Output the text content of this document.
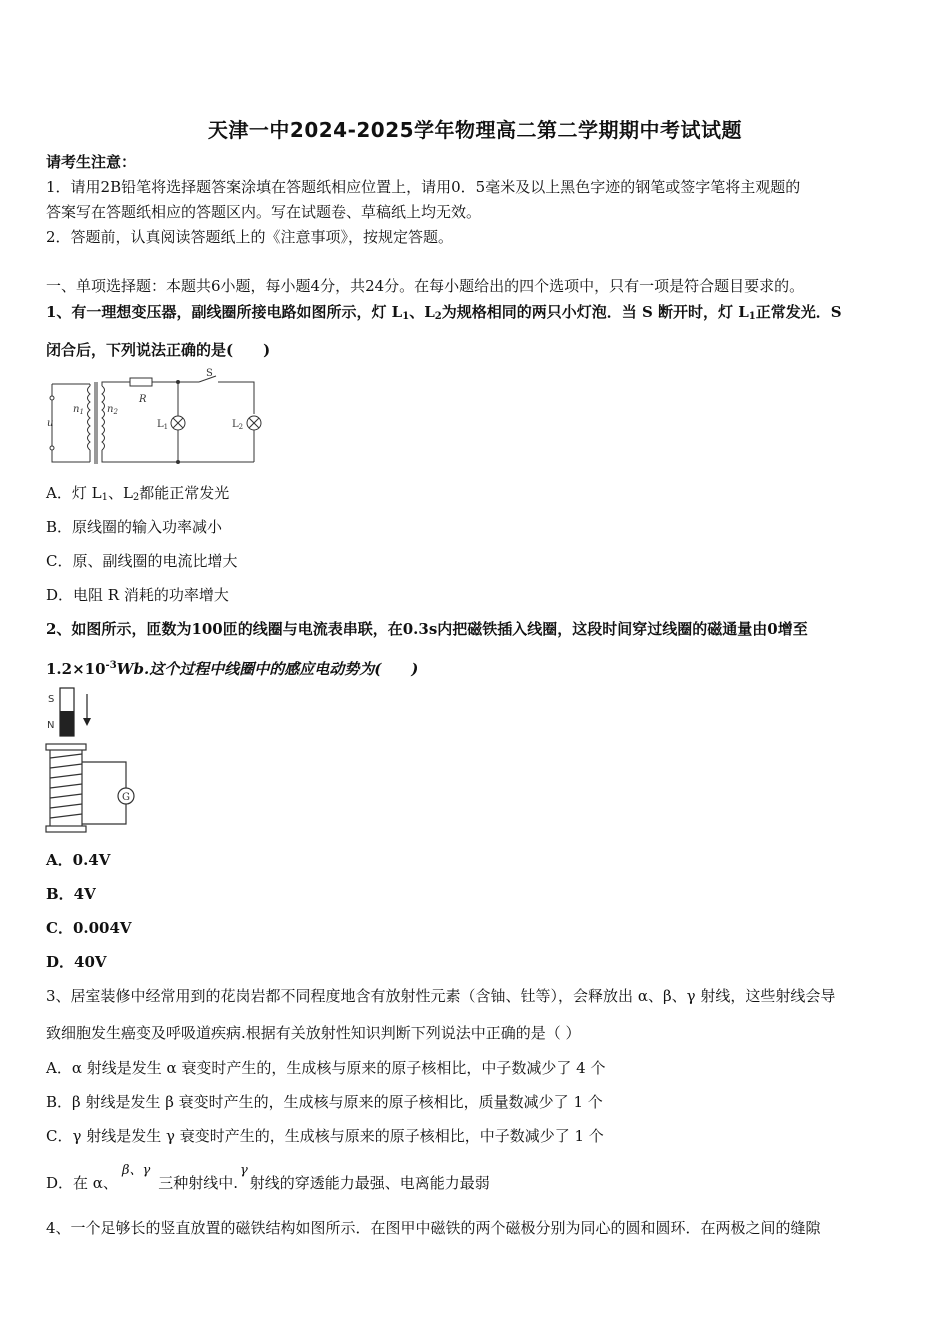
天津一中2024-2025学年物理高二第二学期期中考试试题
请考生注意：
1．请用2B铅笔将选择题答案涂填在答题纸相应位置上，请用0．5毫米及以上黑色字迹的钢笔或签字笔将主观题的
答案写在答题纸相应的答题区内。写在试题卷、草稿纸上均无效。
2．答题前，认真阅读答题纸上的《注意事项》，按规定答题。
一、单项选择题：本题共6小题，每小题4分，共24分。在每小题给出的四个选项中，只有一项是符合题目要求的。
1、有一理想变压器，副线圈所接电路如图所示，灯 $L_1$、$L_2$为规格相同的两只小灯泡．当 S 断开时，灯 $L_1$正常发光．S
闭合后，下列说法正确的是(　　)
u
$n_1$ $n_2$
R
S
$L_1$	$L_2$
A．灯 $L_1$、$L_2$都能正常发光
B．原线圈的输入功率减小
C．原、副线圈的电流比增大
D．电阻 R 消耗的功率增大
2、如图所示，匝数为100匝的线圈与电流表串联，在0.3s内把磁铁插入线圈，这段时间穿过线圈的磁通量由0增至
$1.2\times 10^{-3}Wb$.这个过程中线圈中的感应电动势为(　　)
S
N
G
A．0.4V
B．4V
C．0.004V
D．40V
3、居室装修中经常用到的花岗岩都不同程度地含有放射性元素（含铀、钍等），会释放出 α、β、γ 射线，这些射线会导
致细胞发生癌变及呼吸道疾病.根据有关放射性知识判断下列说法中正确的是（ ）
A．α 射线是发生 α 衰变时产生的，生成核与原来的原子核相比，中子数减少了 4 个
B．β 射线是发生 β 衰变时产生的，生成核与原来的原子核相比，质量数减少了 1 个
C．γ 射线是发生 γ 衰变时产生的，生成核与原来的原子核相比，中子数减少了 1 个
D．在 α、β、γ三种射线中.γ射线的穿透能力最强、电离能力最弱
4、一个足够长的竖直放置的磁铁结构如图所示．在图甲中磁铁的两个磁极分别为同心的圆和圆环．在两极之间的缝隙
